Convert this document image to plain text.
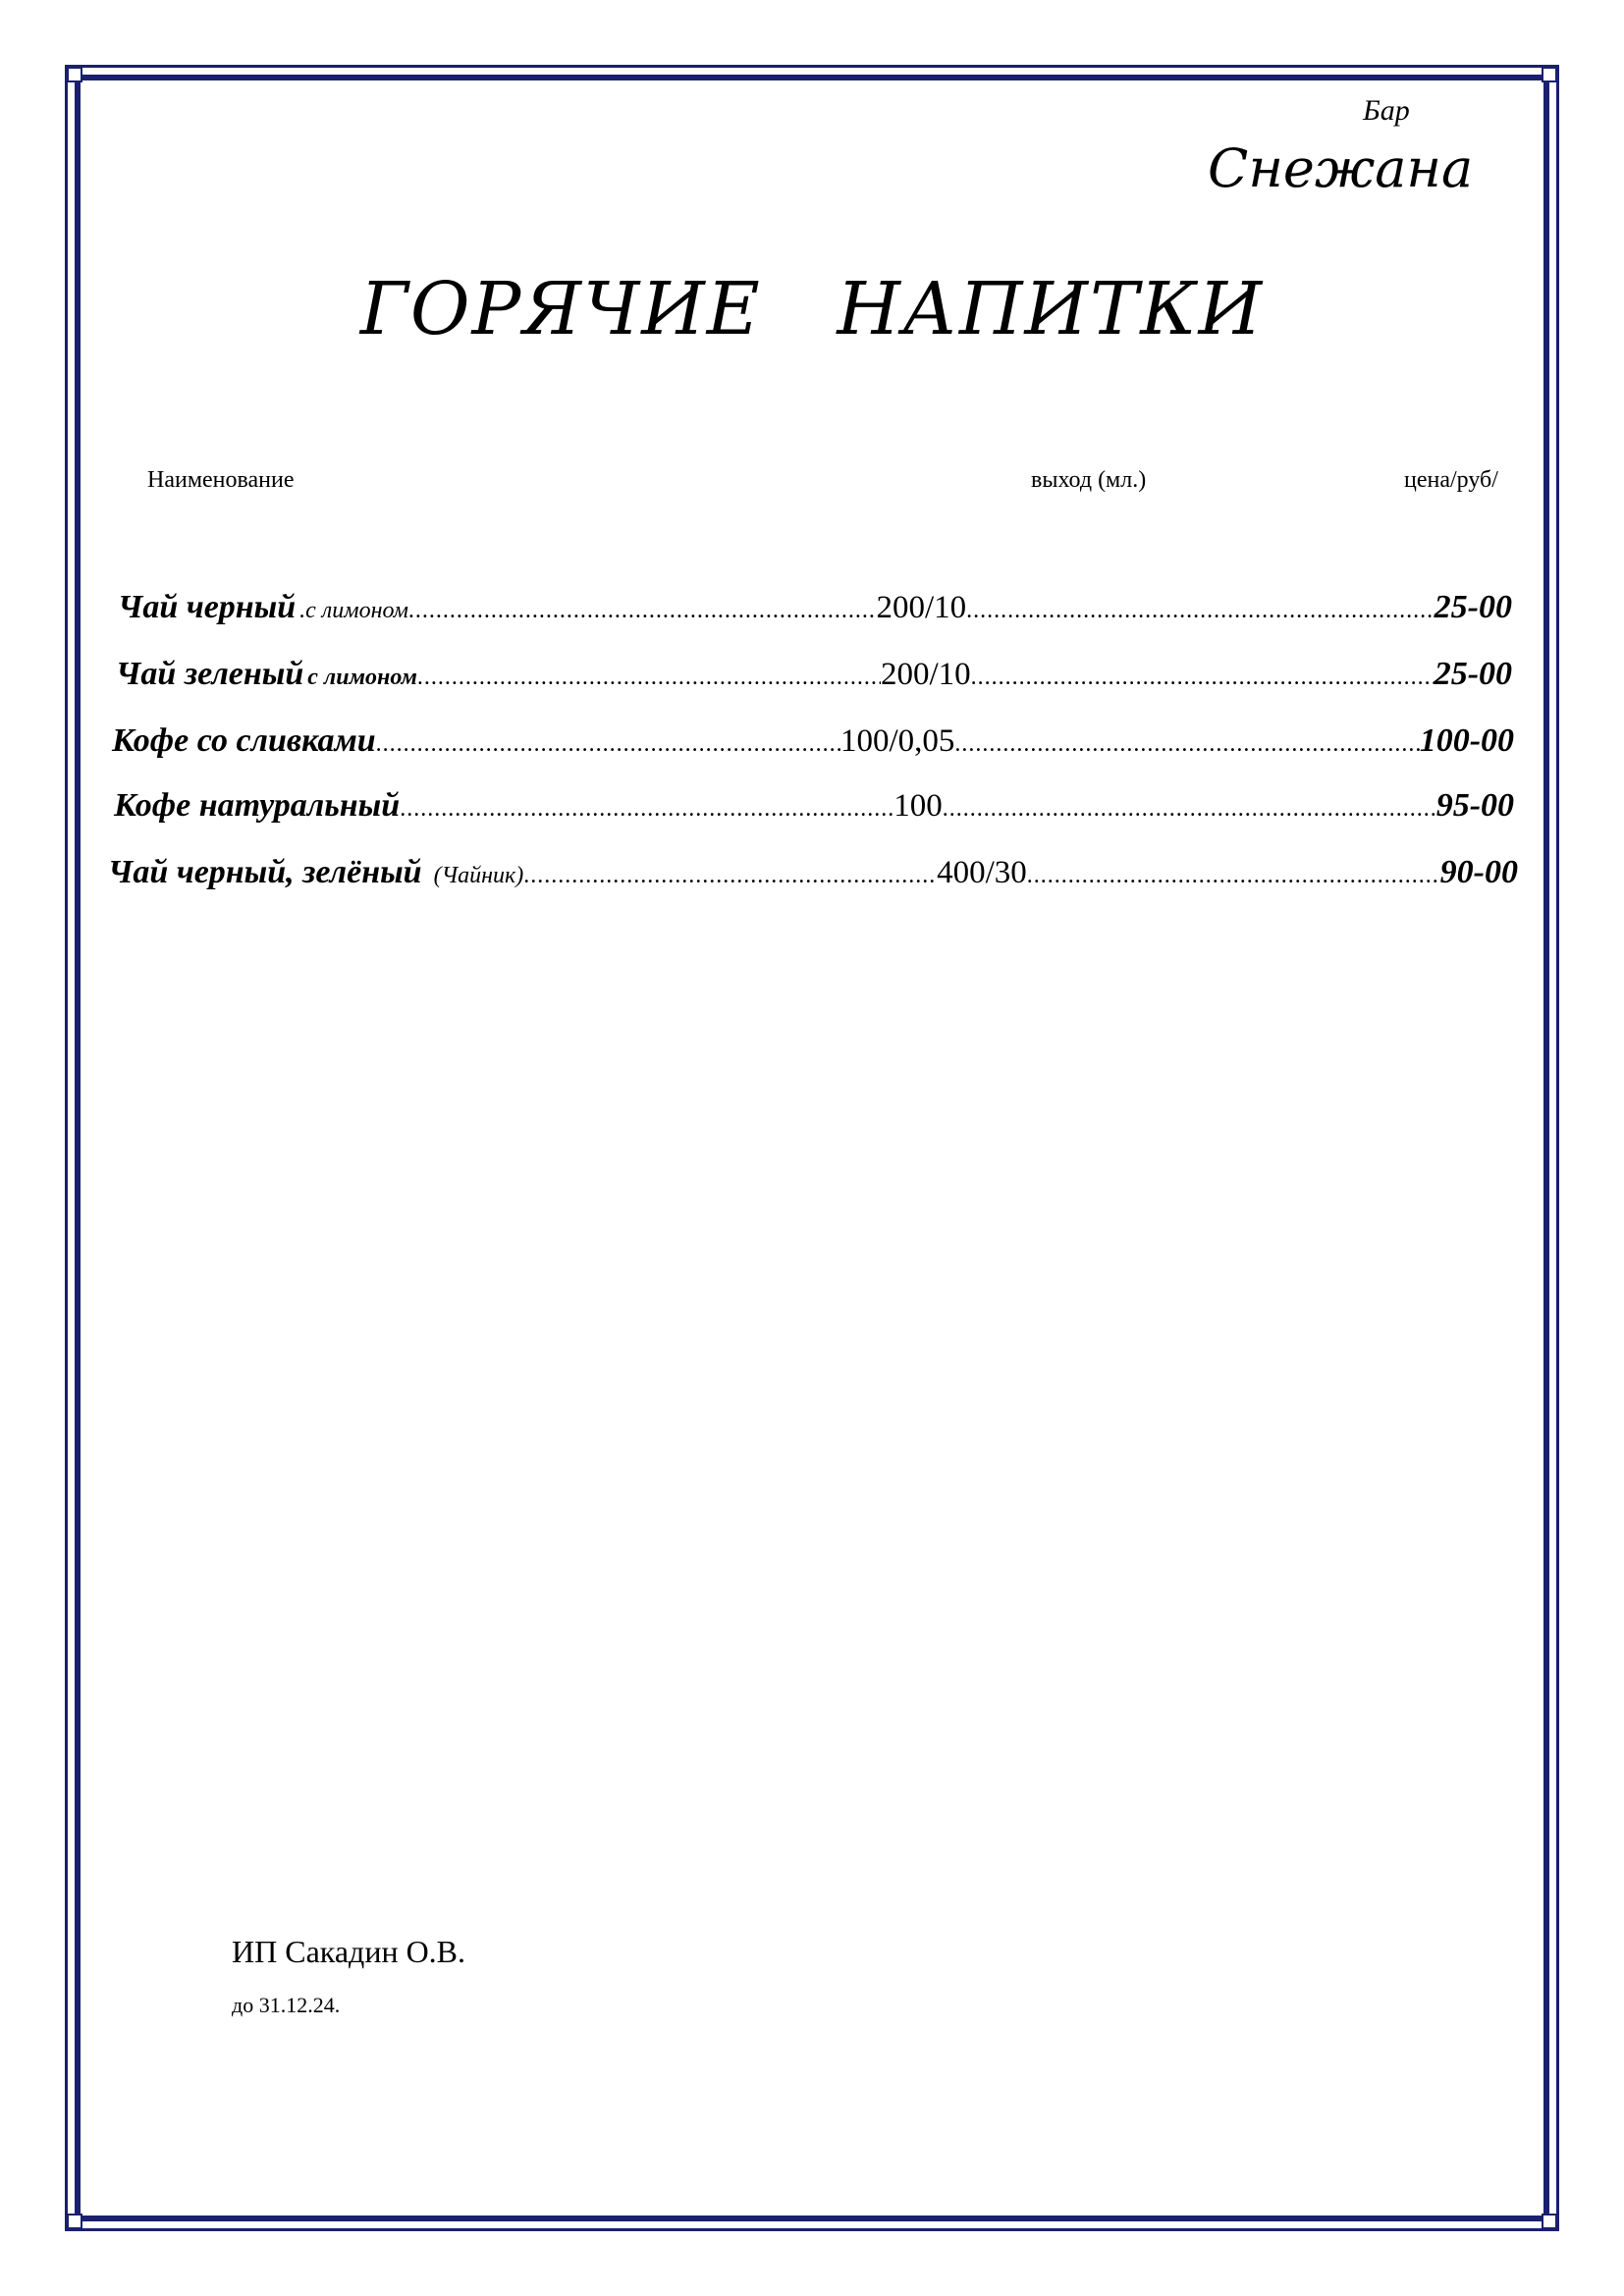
Бар
Снежана
ГОРЯЧИЕ   НАПИТКИ
Наименование	выход (мл.)	цена/руб/
Чай черный .с лимоном .....	200/10 .....	25-00
Чай зеленый с лимоном .....	200/10 .....	25-00
Кофе со сливками .....	100/0,05 .....	100-00
Кофе натуральный .....	100 .....	95-00
Чай черный, зелёный (Чайник) .....	400/30 .....	90-00
ИП Сакадин О.В.
до 31.12.24.
